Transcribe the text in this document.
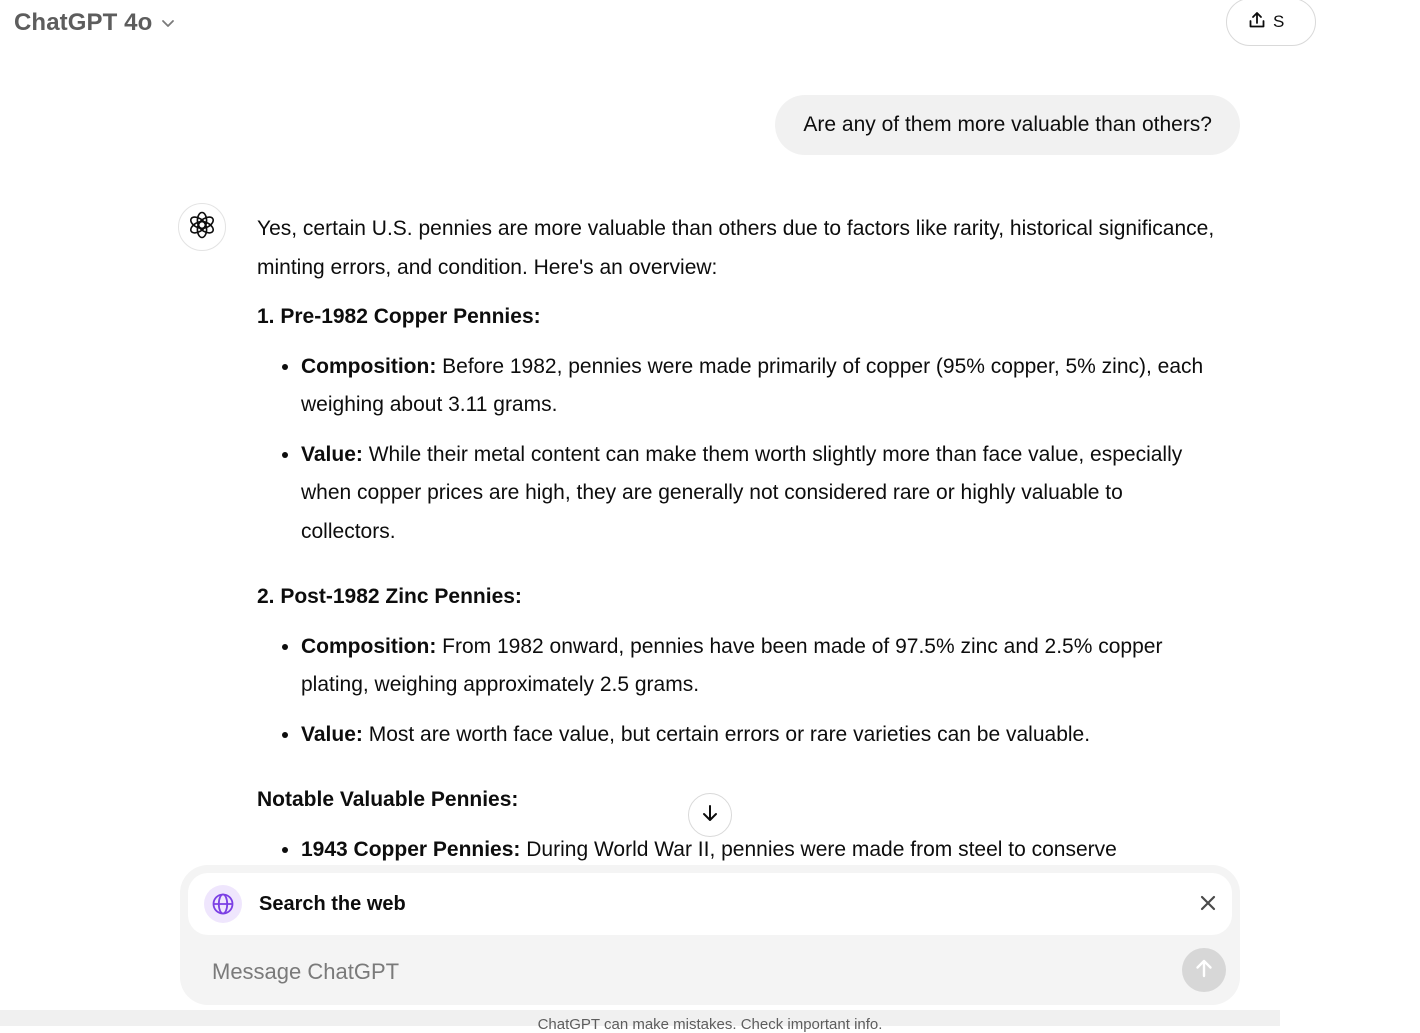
ChatGPT 4o	S
Are any of them more valuable than others?

Yes, certain U.S. pennies are more valuable than others due to factors like rarity, historical significance, minting errors, and condition. Here's an overview:

1. Pre-1982 Copper Pennies:
• Composition: Before 1982, pennies were made primarily of copper (95% copper, 5% zinc), each weighing about 3.11 grams.
• Value: While their metal content can make them worth slightly more than face value, especially when copper prices are high, they are generally not considered rare or highly valuable to collectors.
2. Post-1982 Zinc Pennies:
• Composition: From 1982 onward, pennies have been made of 97.5% zinc and 2.5% copper plating, weighing approximately 2.5 grams.
• Value: Most are worth face value, but certain errors or rare varieties can be valuable.
Notable Valuable Pennies:
• 1943 Copper Pennies: During World War II, pennies were made from steel to conserve
Search the web
Message ChatGPT
ChatGPT can make mistakes. Check important info.
